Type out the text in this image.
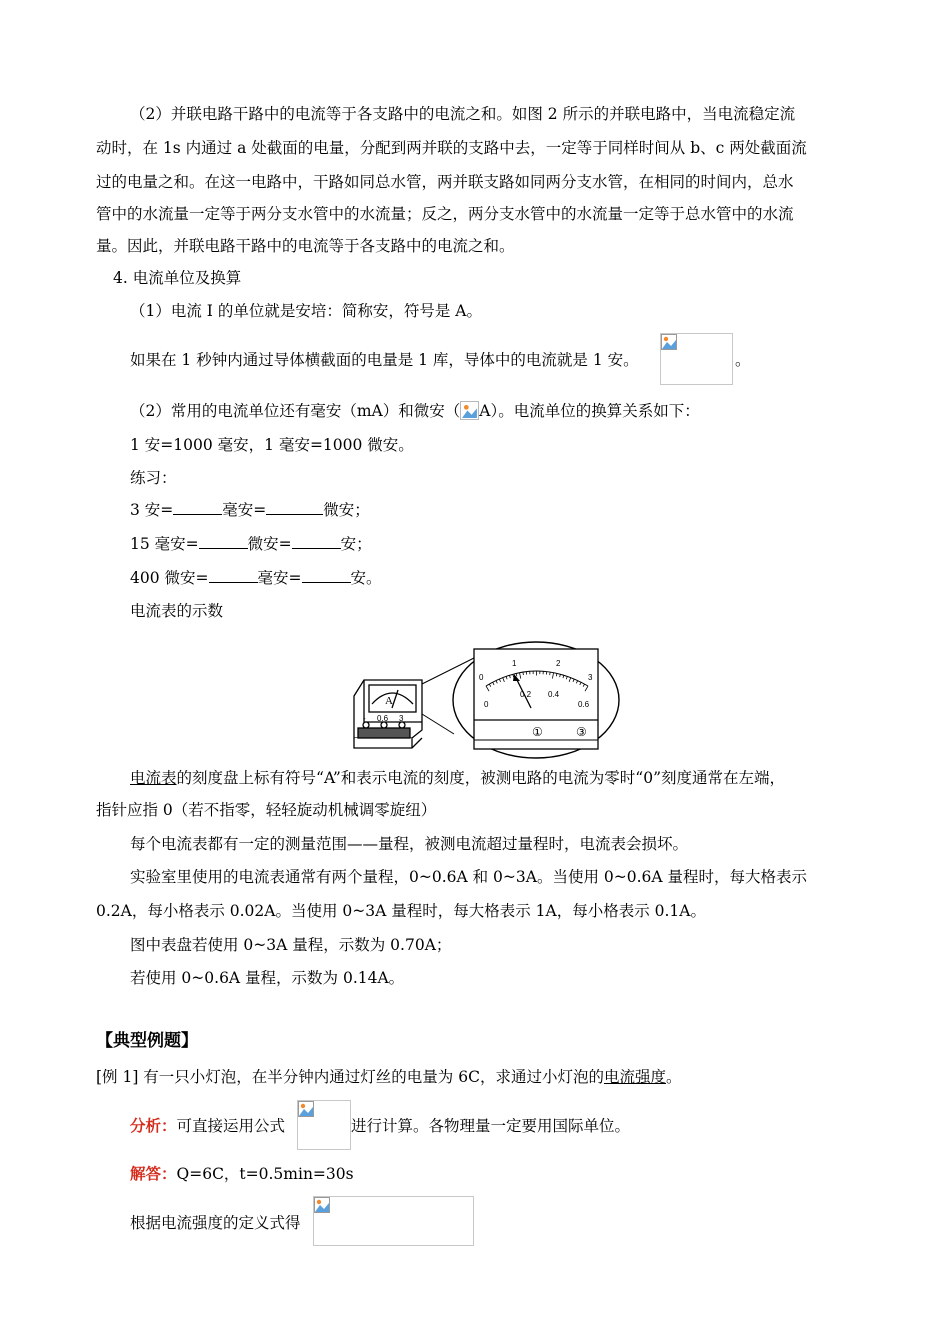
（2）并联电路干路中的电流等于各支路中的电流之和。如图 2 所示的并联电路中，当电流稳定流
动时，在 1s 内通过 a 处截面的电量，分配到两并联的支路中去，一定等于同样时间从 b、c 两处截面流
过的电量之和。在这一电路中，干路如同总水管，两并联支路如同两分支水管，在相同的时间内，总水
管中的水流量一定等于两分支水管中的水流量；反之，两分支水管中的水流量一定等于总水管中的水流
量。因此，并联电路干路中的电流等于各支路中的电流之和。
4. 电流单位及换算
（1）电流 I 的单位就是安培：简称安，符号是 A。
如果在 1 秒钟内通过导体横截面的电量是 1 库，导体中的电流就是 1 安。	。
（2）常用的电流单位还有毫安（mA）和微安（ A）。电流单位的换算关系如下：
1 安=1000 毫安，1 毫安=1000 微安。
练习：
3 安=	毫安=	微安；
15 毫安=	微安=	安；
400 微安=	毫安=	安。
电流表的示数
A
- 0.6 3
0
1	2
3
0
0.2 0.4
0.6
①	③
电流表的刻度盘上标有符号“A”和表示电流的刻度，被测电路的电流为零时“0”刻度通常在左端，
指针应指 0（若不指零，轻轻旋动机械调零旋纽）
每个电流表都有一定的测量范围——量程，被测电流超过量程时，电流表会损坏。
实验室里使用的电流表通常有两个量程，0~0.6A 和 0~3A。当使用 0~0.6A 量程时，每大格表示
0.2A，每小格表示 0.02A。当使用 0~3A 量程时，每大格表示 1A，每小格表示 0.1A。
图中表盘若使用 0~3A 量程，示数为 0.70A；
若使用 0~0.6A 量程，示数为 0.14A。
【典型例题】
[例 1] 有一只小灯泡，在半分钟内通过灯丝的电量为 6C，求通过小灯泡的电流强度。
分析：可直接运用公式	进行计算。各物理量一定要用国际单位。
解答：Q=6C，t=0.5min=30s
根据电流强度的定义式得
